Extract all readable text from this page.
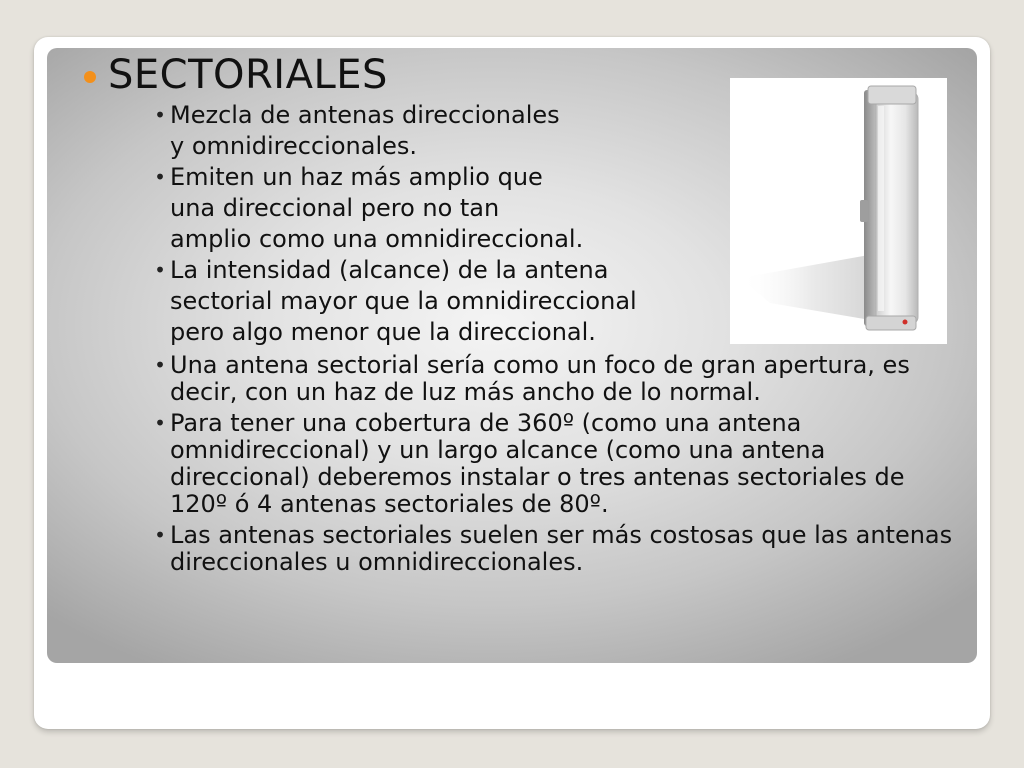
SECTORIALES
• Mezcla de antenas direccionales
y omnidireccionales.
• Emiten un haz más amplio que
una direccional pero no tan
amplio como una omnidireccional.
• La intensidad (alcance) de la antena
sectorial mayor que la omnidireccional
pero algo menor que la direccional.
• Una antena sectorial sería como un foco de gran apertura, es decir, con un haz de luz más ancho de lo normal.
• Para tener una cobertura de 360º (como una antena omnidireccional) y un largo alcance (como una antena direccional) deberemos instalar o tres antenas sectoriales de 120º ó 4 antenas sectoriales de 80º.
• Las antenas sectoriales suelen ser más costosas que las antenas direccionales u omnidireccionales.
